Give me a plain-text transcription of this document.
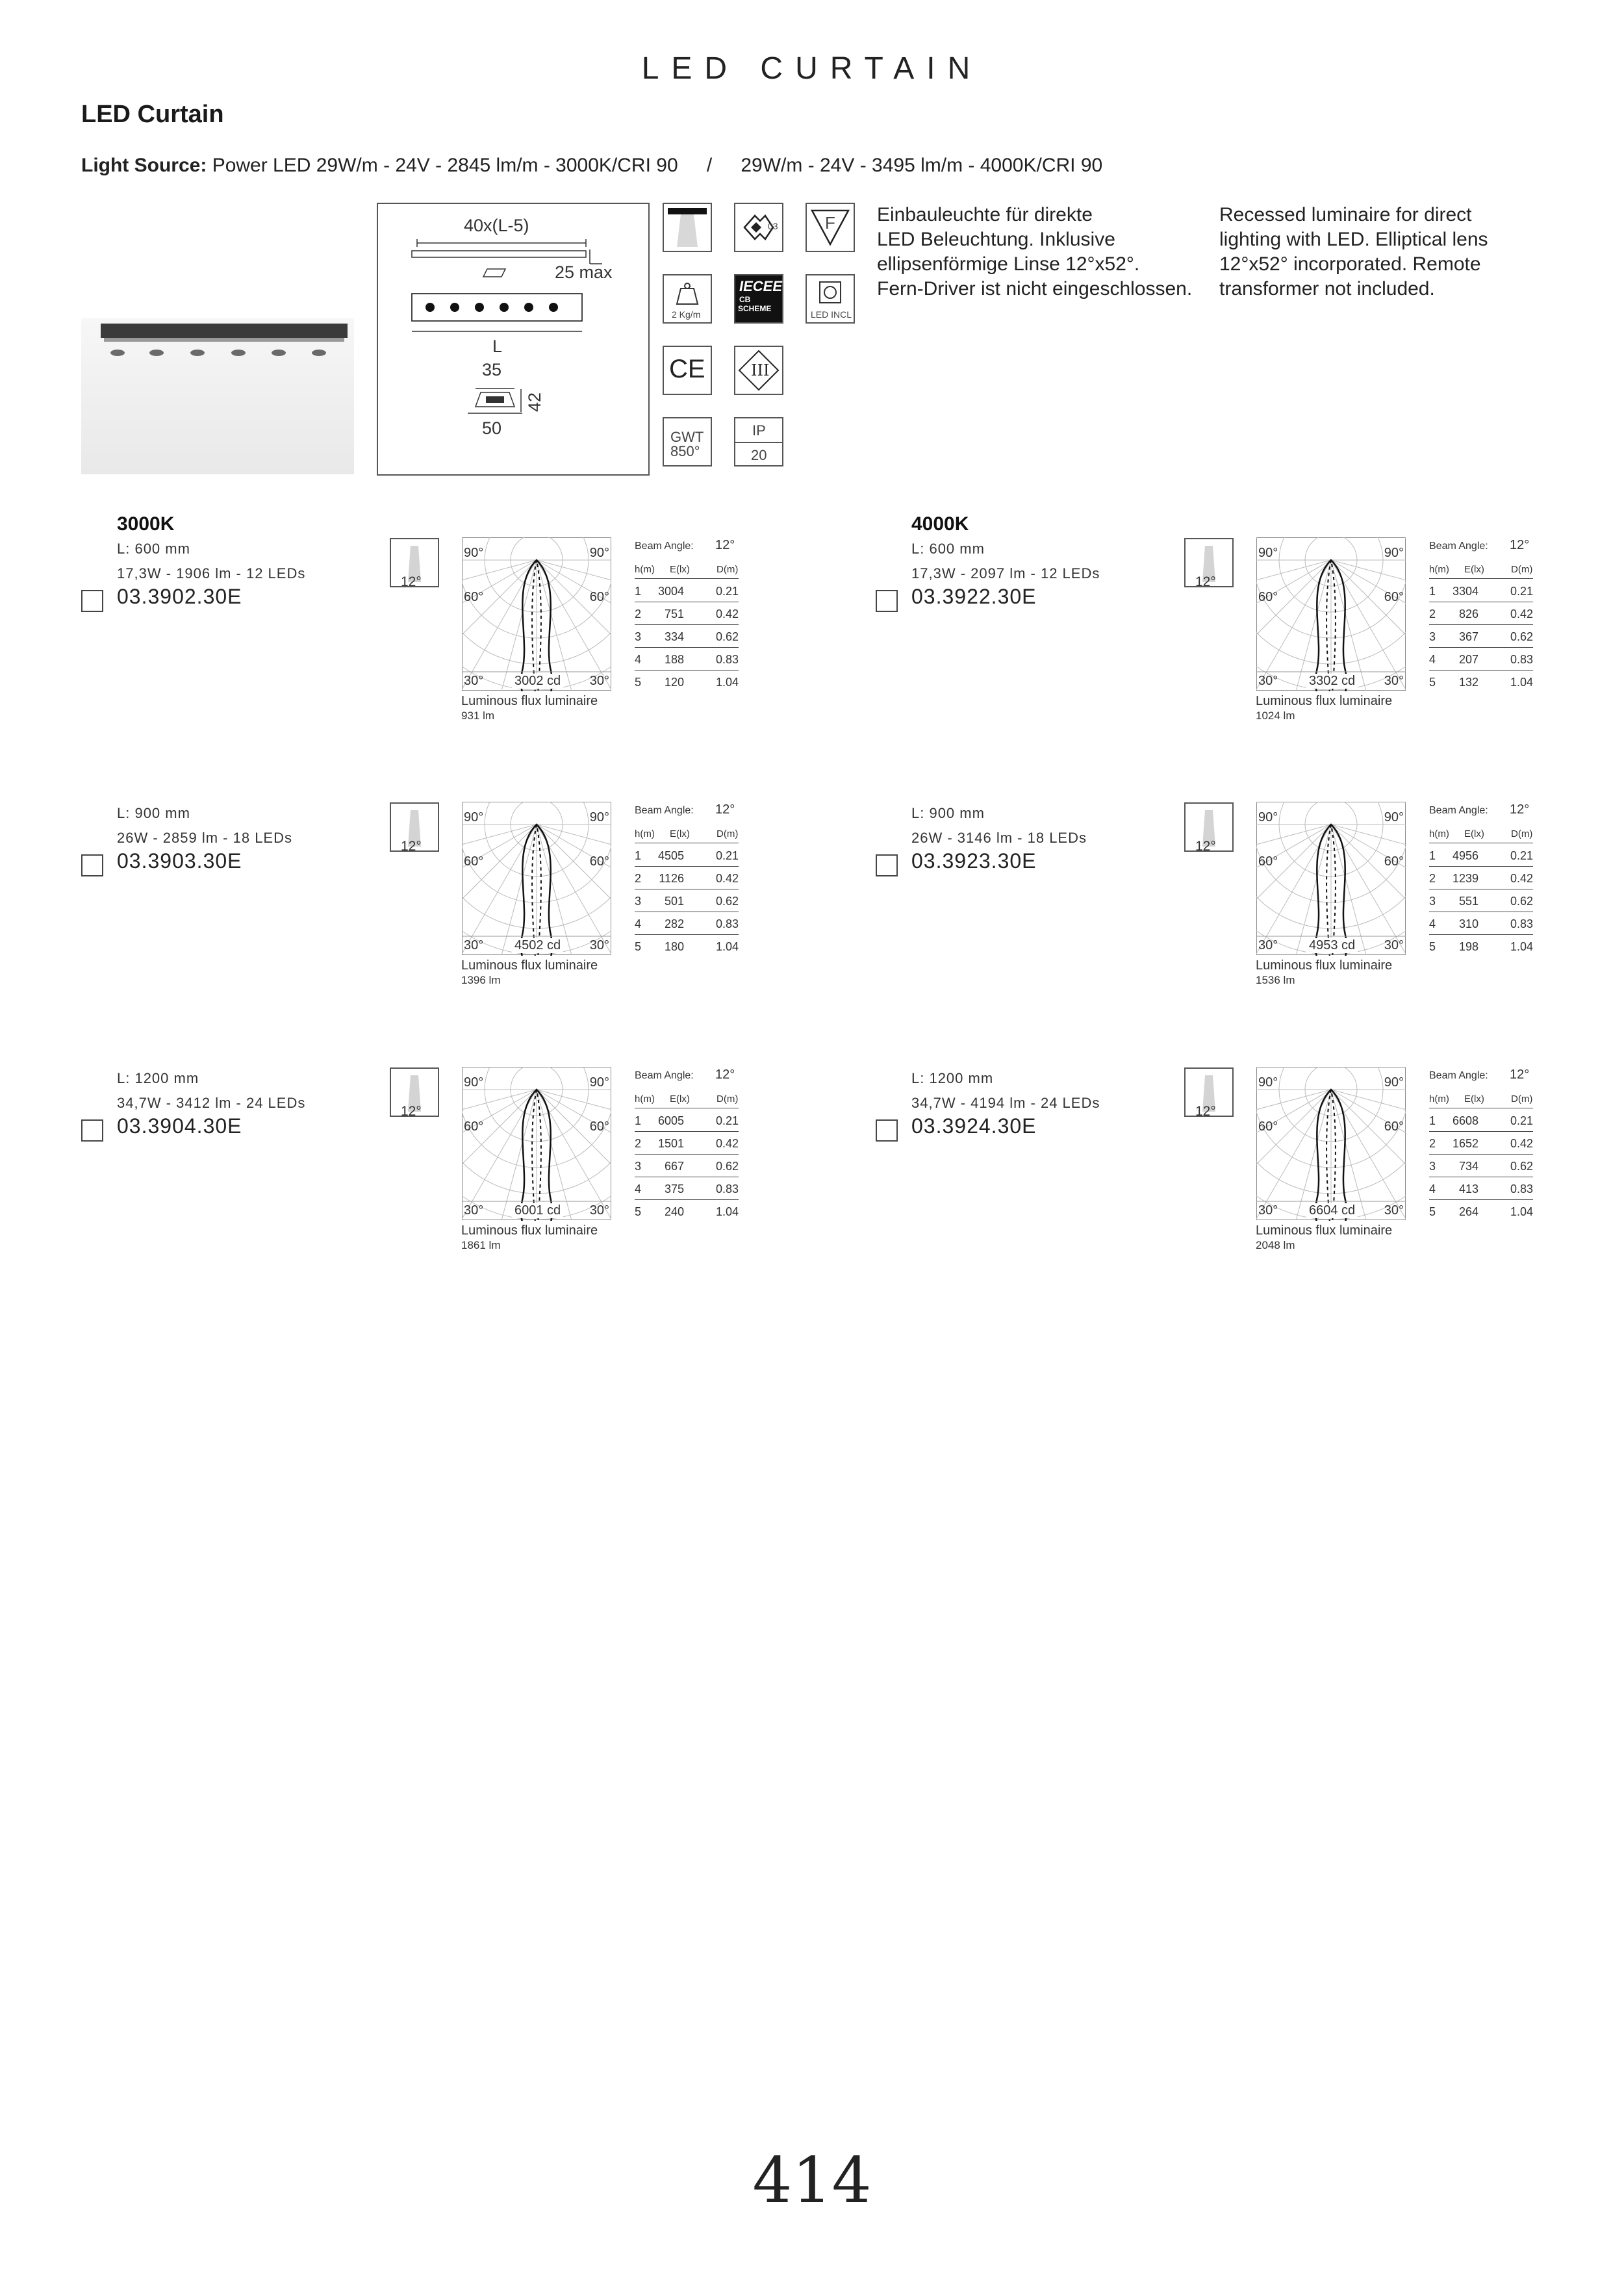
LED CURTAIN
LED Curtain
Light Source: Power LED 29W/m - 24V - 2845 lm/m - 3000K/CRI 90 / 29W/m - 24V - 3495 lm/m - 4000K/CRI 90
40x(L-5)
25 max
L
35
42
50
03	F
2 Kg/m
IECEE
CB
SCHEME
LED INCL
CE	III
GWT
850°
IP
20
Einbauleuchte für direkte
LED Beleuchtung. Inklusive
ellipsenförmige Linse 12°x52°.
Fern-Driver ist nicht eingeschlossen.
Recessed luminaire for direct
lighting with LED. Elliptical lens
12°x52° incorporated. Remote
transformer not included.
3000K
L: 600 mm
17,3W - 1906 lm - 12 LEDs
03.3902.30E
12°
90°	90°
60°	60°
30°	30°
3002 cd
Luminous flux luminaire
931 lm
Beam Angle: 12°
h(m) E(lx)	D(m)
1 3004	0.21
2 751	0.42
3 334	0.62
4 188	0.83
5 120	1.04
4000K
L: 600 mm
17,3W - 2097 lm - 12 LEDs
03.3922.30E
12°
90°	90°
60°	60°
30°	30°
3302 cd
Luminous flux luminaire
1024 lm
Beam Angle: 12°
h(m) E(lx)	D(m)
1 3304	0.21
2 826	0.42
3 367	0.62
4 207	0.83
5 132	1.04
L: 900 mm
26W - 2859 lm - 18 LEDs
03.3903.30E
12°
90°	90°
60°	60°
30°	30°
4502 cd
Luminous flux luminaire
1396 lm
Beam Angle: 12°
h(m) E(lx)	D(m)
1 4505	0.21
2 1126	0.42
3 501	0.62
4 282	0.83
5 180	1.04
L: 900 mm
26W - 3146 lm - 18 LEDs
03.3923.30E
12°
90°	90°
60°	60°
30°	30°
4953 cd
Luminous flux luminaire
1536 lm
Beam Angle: 12°
h(m) E(lx)	D(m)
1 4956	0.21
2 1239	0.42
3 551	0.62
4 310	0.83
5 198	1.04
L: 1200 mm
34,7W - 3412 lm - 24 LEDs
03.3904.30E
12°
90°	90°
60°	60°
30°	30°
6001 cd
Luminous flux luminaire
1861 lm
Beam Angle: 12°
h(m) E(lx)	D(m)
1 6005	0.21
2 1501	0.42
3 667	0.62
4 375	0.83
5 240	1.04
L: 1200 mm
34,7W - 4194 lm - 24 LEDs
03.3924.30E
12°
90°	90°
60°	60°
30°	30°
6604 cd
Luminous flux luminaire
2048 lm
Beam Angle: 12°
h(m) E(lx)	D(m)
1 6608	0.21
2 1652	0.42
3 734	0.62
4 413	0.83
5 264	1.04
414
